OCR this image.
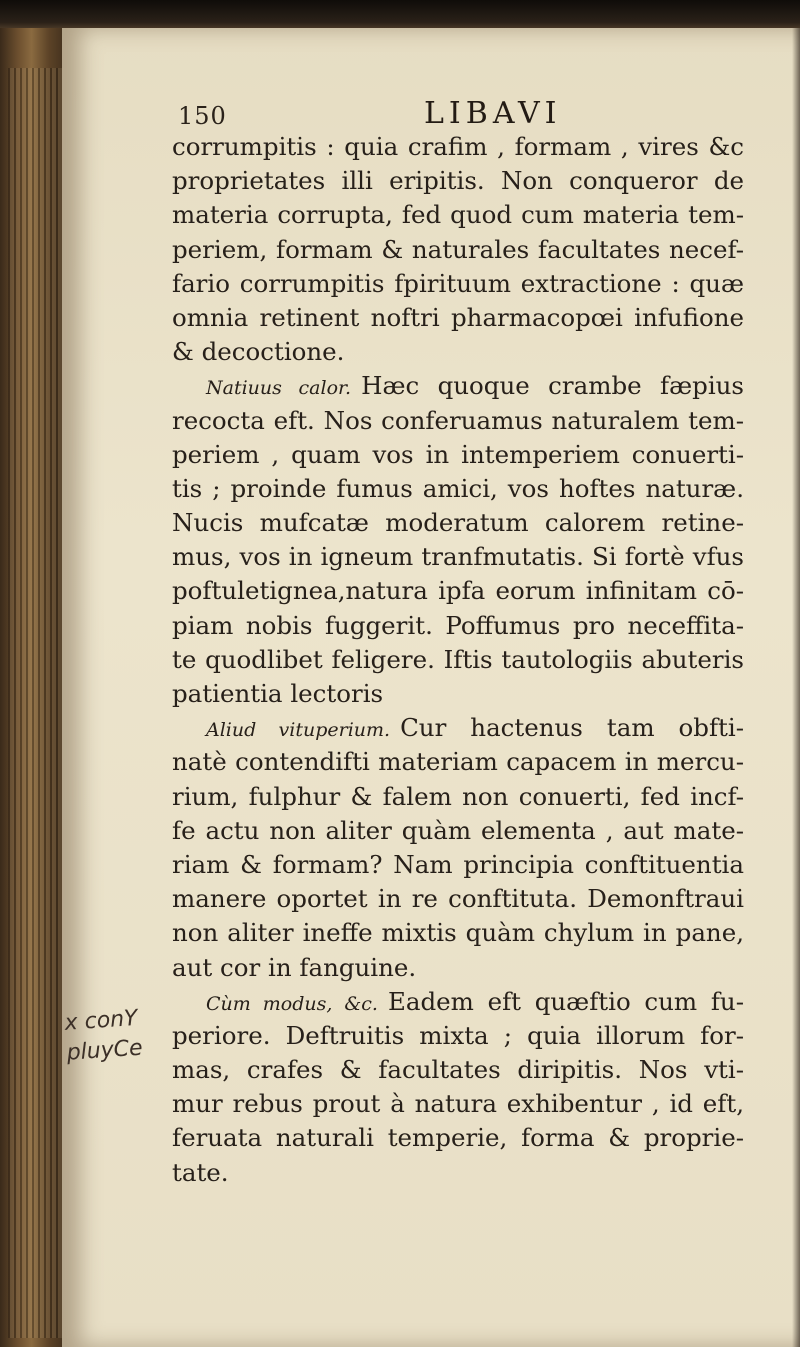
150	LIBAVI
corrumpitis : quia crafim , formam , vires &c
proprietates illi eripitis. Non conqueror de
materia corrupta, fed quod cum materia tem-
periem, formam & naturales facultates necef-
fario corrumpitis fpirituum extractione : quæ
omnia retinent noftri pharmacopœi infufione
& decoctione.
Natiuus calor. Hæc quoque crambe fæpius
recocta eft. Nos conferuamus naturalem tem-
periem , quam vos in intemperiem conuerti-
tis ; proinde fumus amici, vos hoftes naturæ.
Nucis mufcatæ moderatum calorem retine-
mus, vos in igneum tranfmutatis. Si fortè vfus
poftuletignea,natura ipfa eorum infinitam cō-
piam nobis fuggerit. Poffumus pro neceffita-
te quodlibet feligere. Iftis tautologiis abuteris
patientia lectoris
Aliud vituperium. Cur hactenus tam obfti-
natè contendifti materiam capacem in mercu-
rium, fulphur & falem non conuerti, fed incf-
fe actu non aliter quàm elementa , aut mate-
riam & formam? Nam principia conftituentia
manere oportet in re conftituta. Demonftraui
non aliter ineffe mixtis quàm chylum in pane,
aut cor in fanguine.
Cùm modus, &c. Eadem eft quæftio cum fu-
periore. Deftruitis mixta ; quia illorum for-
mas, crafes & facultates diripitis. Nos vti-
mur rebus prout à natura exhibentur , id eft,
feruata naturali temperie, forma & proprie-
tate.
x conY
pluyCe
